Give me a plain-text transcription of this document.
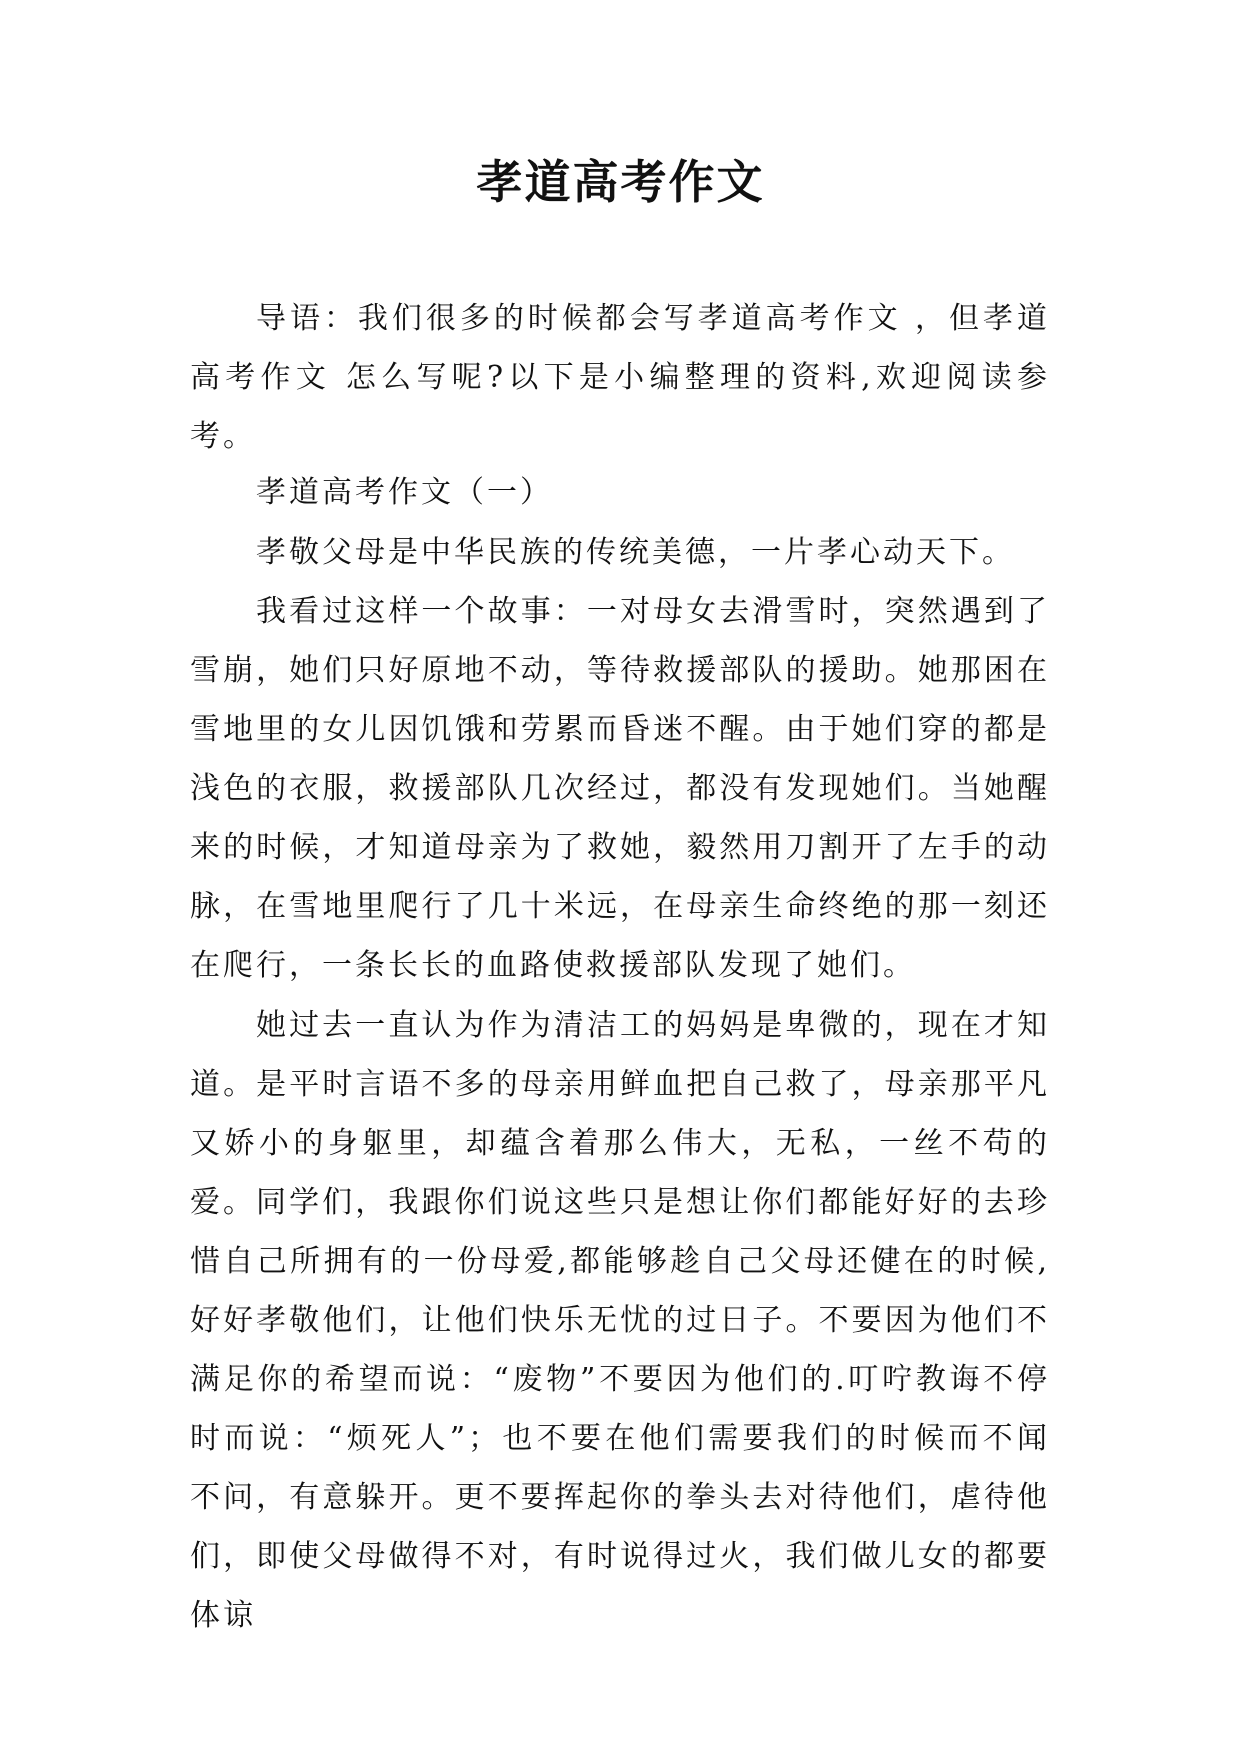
孝道高考作文

导语：我们很多的时候都会写孝道高考作文 ，但孝道高考作文 怎么写呢?以下是小编整理的资料,欢迎阅读参考。

孝道高考作文（一）

孝敬父母是中华民族的传统美德，一片孝心动天下。

我看过这样一个故事：一对母女去滑雪时，突然遇到了雪崩，她们只好原地不动，等待救援部队的援助。她那困在雪地里的女儿因饥饿和劳累而昏迷不醒。由于她们穿的都是浅色的衣服，救援部队几次经过，都没有发现她们。当她醒来的时候，才知道母亲为了救她，毅然用刀割开了左手的动脉，在雪地里爬行了几十米远，在母亲生命终绝的那一刻还在爬行，一条长长的血路使救援部队发现了她们。

她过去一直认为作为清洁工的妈妈是卑微的，现在才知道。是平时言语不多的母亲用鲜血把自己救了，母亲那平凡又娇小的身躯里，却蕴含着那么伟大，无私，一丝不苟的爱。 同学们，我跟你们说这些只是想让你们都能好好的去珍惜自己所拥有的一份母爱,都能够趁自己父母还健在的时候,好好孝敬他们，让他们快乐无忧的过日子。不要因为他们不满足你的希望而说：“废物”不要因为他们的.叮咛教诲不停时而说：“烦死人”；也不要在他们需要我们的时候而不闻不问，有意躲开。更不要挥起你的拳头去对待他们，虐待他们，即使父母做得不对，有时说得过火，我们做儿女的都要体谅
